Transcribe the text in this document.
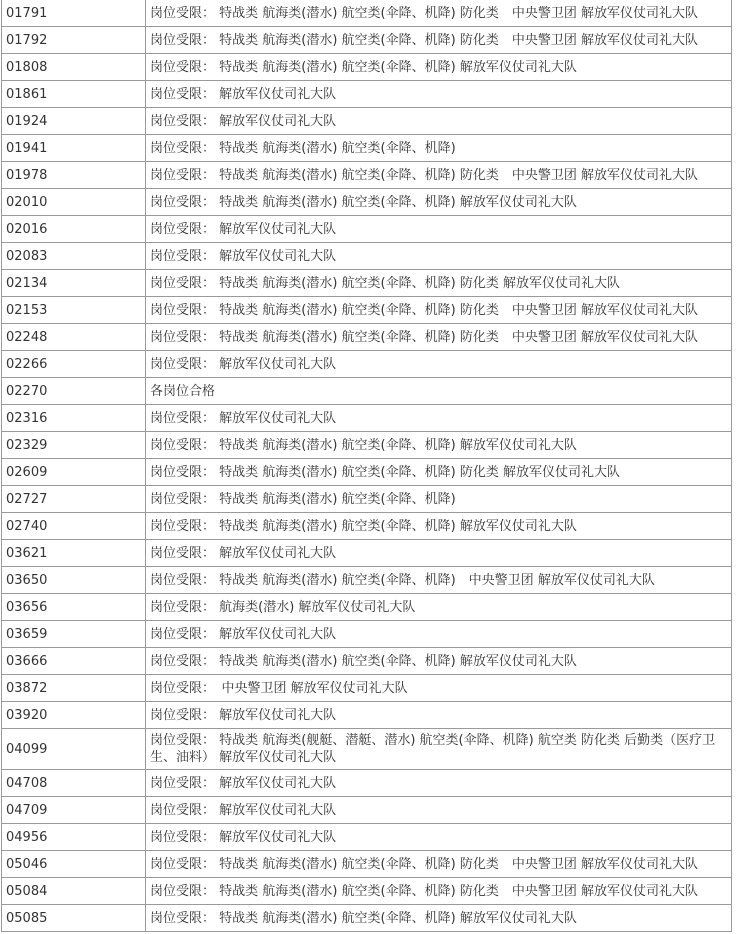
01791	岗位受限： 特战类 航海类(潜水) 航空类(伞降、机降) 防化类　中央警卫团 解放军仪仗司礼大队
01792	岗位受限： 特战类 航海类(潜水) 航空类(伞降、机降) 防化类　中央警卫团 解放军仪仗司礼大队
01808	岗位受限： 特战类 航海类(潜水) 航空类(伞降、机降) 解放军仪仗司礼大队
01861	岗位受限： 解放军仪仗司礼大队
01924	岗位受限： 解放军仪仗司礼大队
01941	岗位受限： 特战类 航海类(潜水) 航空类(伞降、机降)
01978	岗位受限： 特战类 航海类(潜水) 航空类(伞降、机降) 防化类　中央警卫团 解放军仪仗司礼大队
02010	岗位受限： 特战类 航海类(潜水) 航空类(伞降、机降) 解放军仪仗司礼大队
02016	岗位受限： 解放军仪仗司礼大队
02083	岗位受限： 解放军仪仗司礼大队
02134	岗位受限： 特战类 航海类(潜水) 航空类(伞降、机降) 防化类 解放军仪仗司礼大队
02153	岗位受限： 特战类 航海类(潜水) 航空类(伞降、机降) 防化类　中央警卫团 解放军仪仗司礼大队
02248	岗位受限： 特战类 航海类(潜水) 航空类(伞降、机降) 防化类　中央警卫团 解放军仪仗司礼大队
02266	岗位受限： 解放军仪仗司礼大队
02270	各岗位合格
02316	岗位受限： 解放军仪仗司礼大队
02329	岗位受限： 特战类 航海类(潜水) 航空类(伞降、机降) 解放军仪仗司礼大队
02609	岗位受限： 特战类 航海类(潜水) 航空类(伞降、机降) 防化类 解放军仪仗司礼大队
02727	岗位受限： 特战类 航海类(潜水) 航空类(伞降、机降)
02740	岗位受限： 特战类 航海类(潜水) 航空类(伞降、机降) 解放军仪仗司礼大队
03621	岗位受限： 解放军仪仗司礼大队
03650	岗位受限： 特战类 航海类(潜水) 航空类(伞降、机降)　中央警卫团 解放军仪仗司礼大队
03656	岗位受限： 航海类(潜水) 解放军仪仗司礼大队
03659	岗位受限： 解放军仪仗司礼大队
03666	岗位受限： 特战类 航海类(潜水) 航空类(伞降、机降) 解放军仪仗司礼大队
03872	岗位受限：　中央警卫团 解放军仪仗司礼大队
03920	岗位受限： 解放军仪仗司礼大队
04099	岗位受限： 特战类 航海类(舰艇、潜艇、潜水) 航空类(伞降、机降) 航空类 防化类 后勤类（医疗卫生、油料） 解放军仪仗司礼大队
04708	岗位受限： 解放军仪仗司礼大队
04709	岗位受限： 解放军仪仗司礼大队
04956	岗位受限： 解放军仪仗司礼大队
05046	岗位受限： 特战类 航海类(潜水) 航空类(伞降、机降) 防化类　中央警卫团 解放军仪仗司礼大队
05084	岗位受限： 特战类 航海类(潜水) 航空类(伞降、机降) 防化类　中央警卫团 解放军仪仗司礼大队
05085	岗位受限： 特战类 航海类(潜水) 航空类(伞降、机降) 解放军仪仗司礼大队
